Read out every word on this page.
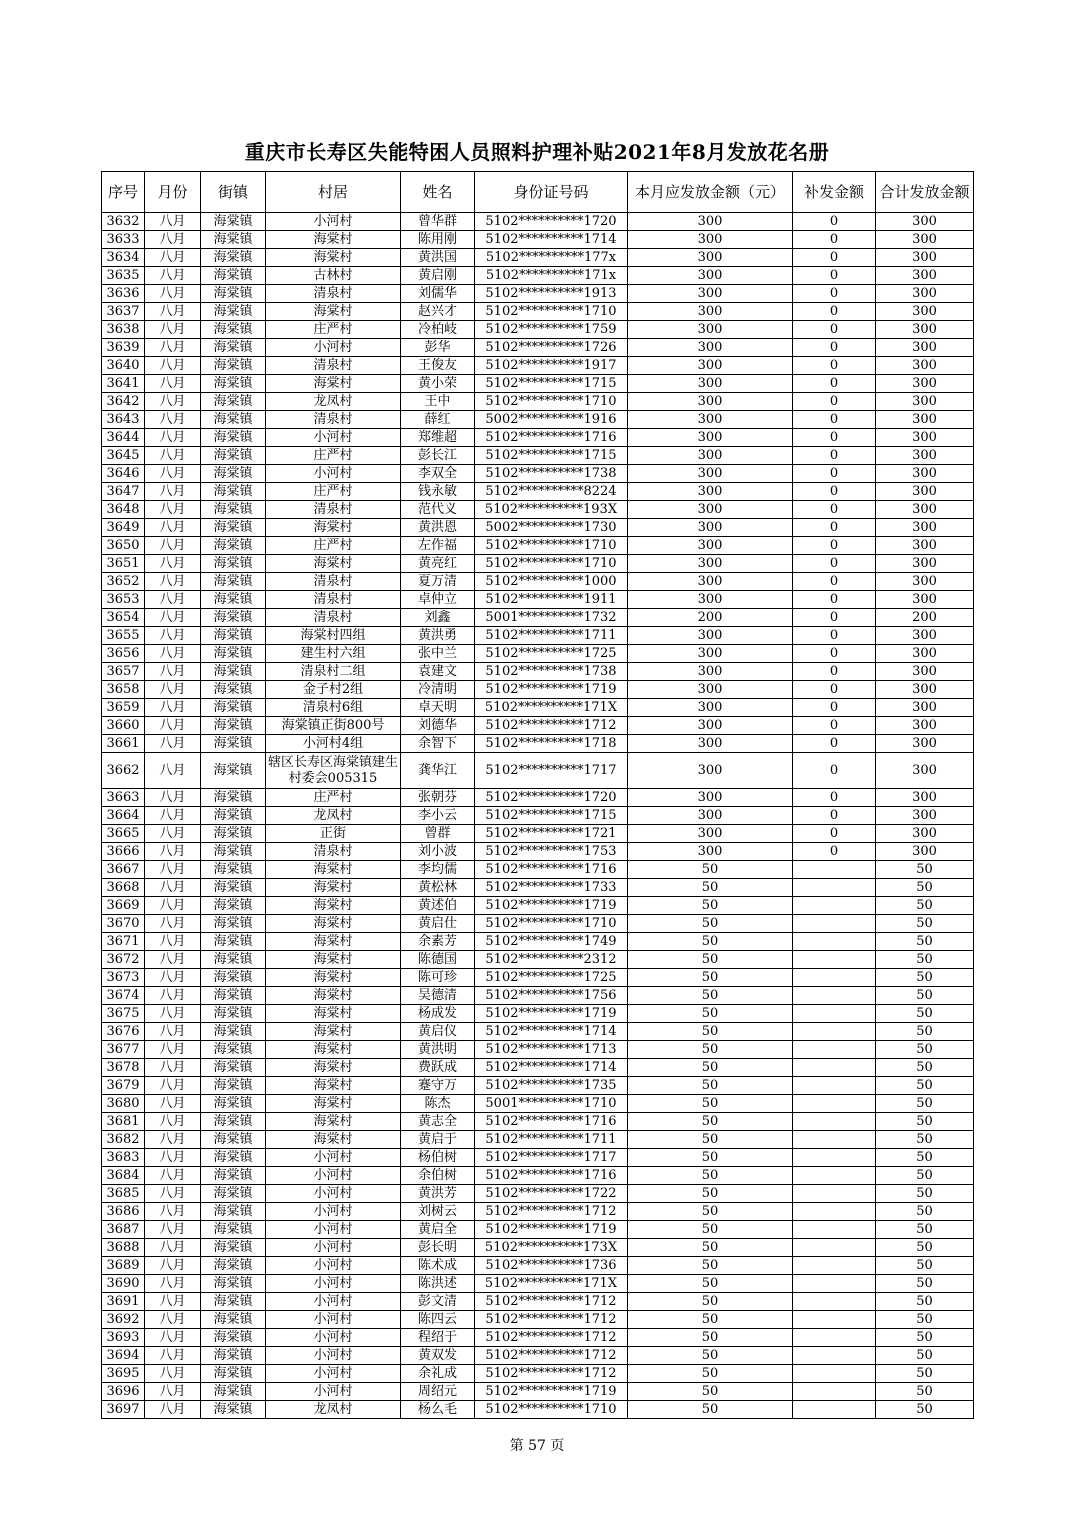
重庆市长寿区失能特困人员照料护理补贴2021年8月发放花名册
序号	月份	街镇	村居	姓名	身份证号码	本月应发放金额（元）	补发金额	合计发放金额
3632	八月	海棠镇	小河村	曾华群	5102**********1720	300	0	300
3633	八月	海棠镇	海棠村	陈用刚	5102**********1714	300	0	300
3634	八月	海棠镇	海棠村	黄洪国	5102**********177x	300	0	300
3635	八月	海棠镇	古林村	黄启刚	5102**********171x	300	0	300
3636	八月	海棠镇	清泉村	刘儒华	5102**********1913	300	0	300
3637	八月	海棠镇	海棠村	赵兴才	5102**********1710	300	0	300
3638	八月	海棠镇	庄严村	冷柏岐	5102**********1759	300	0	300
3639	八月	海棠镇	小河村	彭华	5102**********1726	300	0	300
3640	八月	海棠镇	清泉村	王俊友	5102**********1917	300	0	300
3641	八月	海棠镇	海棠村	黄小荣	5102**********1715	300	0	300
3642	八月	海棠镇	龙凤村	王中	5102**********1710	300	0	300
3643	八月	海棠镇	清泉村	薛红	5002**********1916	300	0	300
3644	八月	海棠镇	小河村	郑维超	5102**********1716	300	0	300
3645	八月	海棠镇	庄严村	彭长江	5102**********1715	300	0	300
3646	八月	海棠镇	小河村	李双全	5102**********1738	300	0	300
3647	八月	海棠镇	庄严村	钱永敏	5102**********8224	300	0	300
3648	八月	海棠镇	清泉村	范代义	5102**********193X	300	0	300
3649	八月	海棠镇	海棠村	黄洪恩	5002**********1730	300	0	300
3650	八月	海棠镇	庄严村	左作福	5102**********1710	300	0	300
3651	八月	海棠镇	海棠村	黄亮红	5102**********1710	300	0	300
3652	八月	海棠镇	清泉村	夏万清	5102**********1000	300	0	300
3653	八月	海棠镇	清泉村	卓仲立	5102**********1911	300	0	300
3654	八月	海棠镇	清泉村	刘鑫	5001**********1732	200	0	200
3655	八月	海棠镇	海棠村四组	黄洪勇	5102**********1711	300	0	300
3656	八月	海棠镇	建生村六组	张中兰	5102**********1725	300	0	300
3657	八月	海棠镇	清泉村二组	袁建文	5102**********1738	300	0	300
3658	八月	海棠镇	金子村2组	冷清明	5102**********1719	300	0	300
3659	八月	海棠镇	清泉村6组	卓天明	5102**********171X	300	0	300
3660	八月	海棠镇	海棠镇正街800号	刘德华	5102**********1712	300	0	300
3661	八月	海棠镇	小河村4组	余智下	5102**********1718	300	0	300
3662	八月	海棠镇	辖区长寿区海棠镇建生村委会005315	龚华江	5102**********1717	300	0	300
3663	八月	海棠镇	庄严村	张朝芬	5102**********1720	300	0	300
3664	八月	海棠镇	龙凤村	李小云	5102**********1715	300	0	300
3665	八月	海棠镇	正街	曾群	5102**********1721	300	0	300
3666	八月	海棠镇	清泉村	刘小波	5102**********1753	300	0	300
3667	八月	海棠镇	海棠村	李均儒	5102**********1716	50		50
3668	八月	海棠镇	海棠村	黄松林	5102**********1733	50		50
3669	八月	海棠镇	海棠村	黄述伯	5102**********1719	50		50
3670	八月	海棠镇	海棠村	黄启仕	5102**********1710	50		50
3671	八月	海棠镇	海棠村	余素芳	5102**********1749	50		50
3672	八月	海棠镇	海棠村	陈德国	5102**********2312	50		50
3673	八月	海棠镇	海棠村	陈可珍	5102**********1725	50		50
3674	八月	海棠镇	海棠村	吴德清	5102**********1756	50		50
3675	八月	海棠镇	海棠村	杨成发	5102**********1719	50		50
3676	八月	海棠镇	海棠村	黄启仪	5102**********1714	50		50
3677	八月	海棠镇	海棠村	黄洪明	5102**********1713	50		50
3678	八月	海棠镇	海棠村	费跃成	5102**********1714	50		50
3679	八月	海棠镇	海棠村	蹇守万	5102**********1735	50		50
3680	八月	海棠镇	海棠村	陈杰	5001**********1710	50		50
3681	八月	海棠镇	海棠村	黄志全	5102**********1716	50		50
3682	八月	海棠镇	海棠村	黄启于	5102**********1711	50		50
3683	八月	海棠镇	小河村	杨伯树	5102**********1717	50		50
3684	八月	海棠镇	小河村	余伯树	5102**********1716	50		50
3685	八月	海棠镇	小河村	黄洪芳	5102**********1722	50		50
3686	八月	海棠镇	小河村	刘树云	5102**********1712	50		50
3687	八月	海棠镇	小河村	黄启全	5102**********1719	50		50
3688	八月	海棠镇	小河村	彭长明	5102**********173X	50		50
3689	八月	海棠镇	小河村	陈术成	5102**********1736	50		50
3690	八月	海棠镇	小河村	陈洪述	5102**********171X	50		50
3691	八月	海棠镇	小河村	彭文清	5102**********1712	50		50
3692	八月	海棠镇	小河村	陈四云	5102**********1712	50		50
3693	八月	海棠镇	小河村	程绍于	5102**********1712	50		50
3694	八月	海棠镇	小河村	黄双发	5102**********1712	50		50
3695	八月	海棠镇	小河村	余礼成	5102**********1712	50		50
3696	八月	海棠镇	小河村	周绍元	5102**********1719	50		50
3697	八月	海棠镇	龙凤村	杨么毛	5102**********1710	50		50
第 57 页
